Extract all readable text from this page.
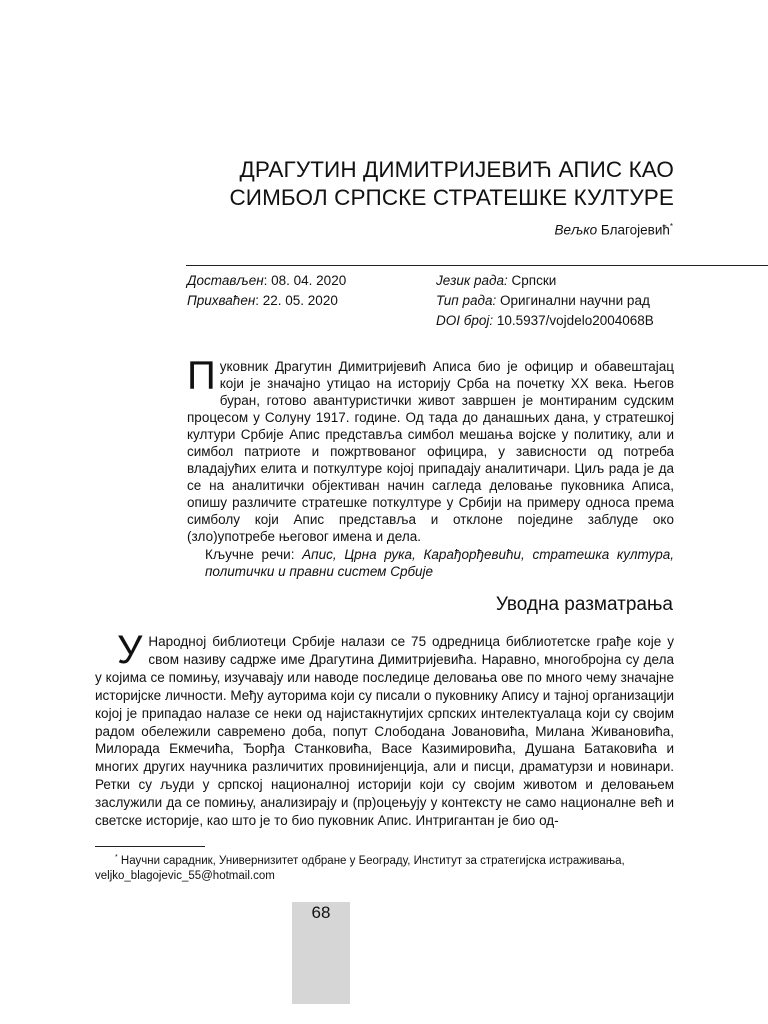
ДРАГУТИН ДИМИТРИЈЕВИЋ АПИС КАО
СИМБОЛ СРПСКЕ СТРАТЕШКЕ КУЛТУРЕ
Вељко Благојевић*
Достављен: 08. 04. 2020
Прихваћен: 22. 05. 2020
Језик рада: Српски
Тип рада: Оригинални научни рад
DOI број: 10.5937/vojdelo2004068B
Пуковник Драгутин Димитријевић Аписа био је официр и обавештајац који је значајно утицао на историју Срба на почетку XX века. Његов буран, готово авантуристички живот завршен је монтираним судским процесом у Солуну 1917. године. Од тада до данашњих дана, у стратешкој култури Србије Апис представља симбол мешања војске у политику, али и симбол патриоте и пожртвованог официра, у зависности од потреба владајућих елита и поткултуре којој припадају аналитичари. Циљ рада је да се на аналитички објективан начин сагледа деловање пуковника Аписа, опишу различите стратешке поткултуре у Србији на примеру односа према симболу који Апис представља и отклоне поједине заблуде око (зло)употребе његовог имена и дела.
Кључне речи: Апис, Црна рука, Карађорђевићи, стратешка култура, политички и правни систем Србије
Уводна разматрања
У Народној библиотеци Србије налази се 75 одредница библиотетске грађе које у свом називу садрже име Драгутина Димитријевића. Наравно, многобројна су дела у којима се помињу, изучавају или наводе последице деловања ове по много чему значајне историјске личности. Међу ауторима који су писали о пуковнику Апису и тајној организацији којој је припадао налазе се неки од најистакнутијих српских интелектуалаца који су својим радом обележили савремено доба, попут Слободана Јовановића, Милана Живановића, Милорада Екмечића, Ђорђа Станковића, Васе Казимировића, Душана Батаковића и многих других научника различитих провинијенција, али и писци, драматурзи и новинари. Ретки су људи у српској националној историји који су својим животом и деловањем заслужили да се помињу, анализирају и (пр)оцењују у контексту не само националне већ и светске историје, као што је то био пуковник Апис. Интригантан је био од-
* Научни сарадник, Универнизитет одбране у Београду, Институт за стратегијска истраживања,
veljko_blagojevic_55@hotmail.com
68
